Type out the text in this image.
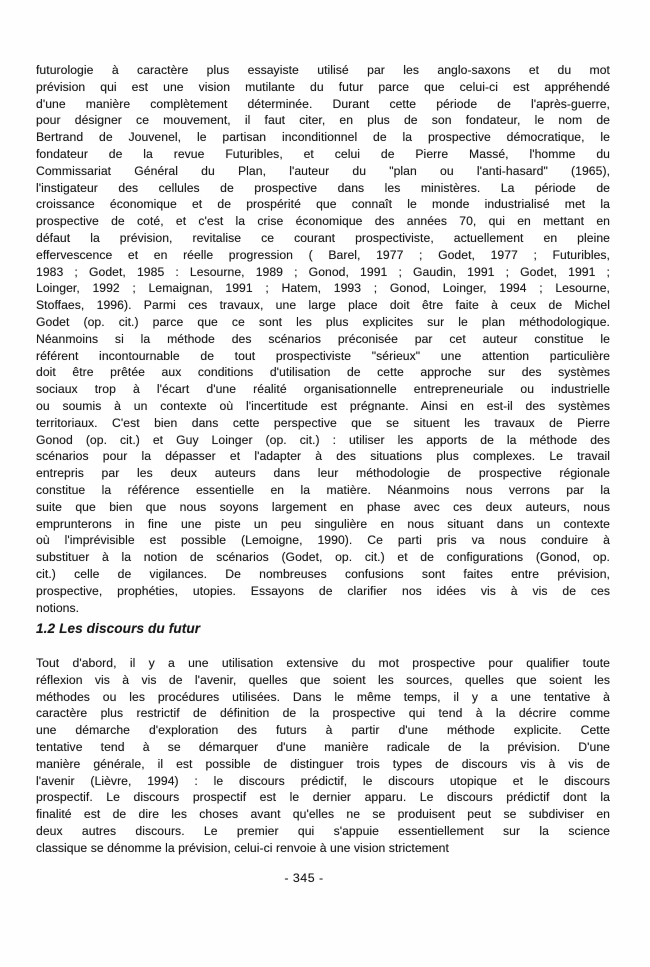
futurologie à caractère plus essayiste utilisé par les anglo-saxons et du mot
prévision qui est une vision mutilante du futur parce que celui-ci est appréhendé
d'une manière complètement déterminée. Durant cette période de l'après-guerre,
pour désigner ce mouvement, il faut citer, en plus de son fondateur, le nom de
Bertrand de Jouvenel, le partisan inconditionnel de la prospective démocratique, le
fondateur de la revue Futuribles, et celui de Pierre Massé, l'homme du
Commissariat Général du Plan, l'auteur du "plan ou l'anti-hasard" (1965),
l'instigateur des cellules de prospective dans les ministères. La période de
croissance économique et de prospérité que connaît le monde industrialisé met la
prospective de coté, et c'est la crise économique des années 70, qui en mettant en
défaut la prévision, revitalise ce courant prospectiviste, actuellement en pleine
effervescence et en réelle progression ( Barel, 1977 ; Godet, 1977 ; Futuribles,
1983 ; Godet, 1985 : Lesourne, 1989 ; Gonod, 1991 ; Gaudin, 1991 ; Godet, 1991 ;
Loinger, 1992 ; Lemaignan, 1991 ; Hatem, 1993 ; Gonod, Loinger, 1994 ; Lesourne,
Stoffaes, 1996). Parmi ces travaux, une large place doit être faite à ceux de Michel
Godet (op. cit.) parce que ce sont les plus explicites sur le plan méthodologique.
Néanmoins si la méthode des scénarios préconisée par cet auteur constitue le
référent incontournable de tout prospectiviste "sérieux" une attention particulière
doit être prêtée aux conditions d'utilisation de cette approche sur des systèmes
sociaux trop à l'écart d'une réalité organisationnelle entrepreneuriale ou industrielle
ou soumis à un contexte où l'incertitude est prégnante. Ainsi en est-il des systèmes
territoriaux. C'est bien dans cette perspective que se situent les travaux de Pierre
Gonod (op. cit.) et Guy Loinger (op. cit.) : utiliser les apports de la méthode des
scénarios pour la dépasser et l'adapter à des situations plus complexes. Le travail
entrepris par les deux auteurs dans leur méthodologie de prospective régionale
constitue la référence essentielle en la matière. Néanmoins nous verrons par la
suite que bien que nous soyons largement en phase avec ces deux auteurs, nous
emprunterons in fine une piste un peu singulière en nous situant dans un contexte
où l'imprévisible est possible (Lemoigne, 1990). Ce parti pris va nous conduire à
substituer à la notion de scénarios (Godet, op. cit.) et de configurations (Gonod, op.
cit.) celle de vigilances. De nombreuses confusions sont faites entre prévision,
prospective, prophéties, utopies. Essayons de clarifier nos idées vis à vis de ces
notions.
1.2 Les discours du futur
Tout d'abord, il y a une utilisation extensive du mot prospective pour qualifier toute
réflexion vis à vis de l'avenir, quelles que soient les sources, quelles que soient les
méthodes ou les procédures utilisées. Dans le même temps, il y a une tentative à
caractère plus restrictif de définition de la prospective qui tend à la décrire comme
une démarche d'exploration des futurs à partir d'une méthode explicite. Cette
tentative tend à se démarquer d'une manière radicale de la prévision. D'une
manière générale, il est possible de distinguer trois types de discours vis à vis de
l'avenir (Lièvre, 1994) : le discours prédictif, le discours utopique et le discours
prospectif. Le discours prospectif est le dernier apparu. Le discours prédictif dont la
finalité est de dire les choses avant qu'elles ne se produisent peut se subdiviser en
deux autres discours. Le premier qui s'appuie essentiellement sur la science
classique se dénomme la prévision, celui-ci renvoie à une vision strictement
- 345 -
